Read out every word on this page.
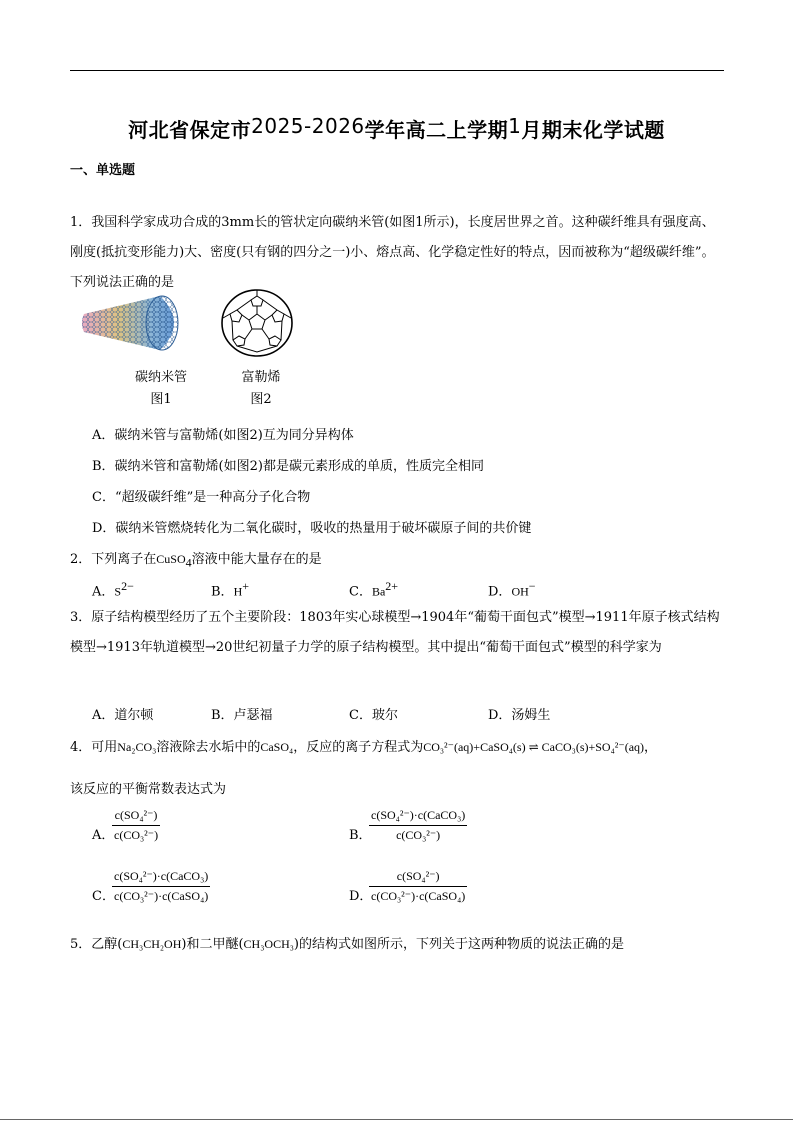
河北省保定市2025-2026学年高二上学期1月期末化学试题
一、单选题
1．我国科学家成功合成的3mm长的管状定向碳纳米管(如图1所示)，长度居世界之首。这种碳纤维具有强度高、刚度(抵抗变形能力)大、密度(只有钢的四分之一)小、熔点高、化学稳定性好的特点，因而被称为“超级碳纤维”。下列说法正确的是
碳纳米管
图1
富勒烯
图2
A．碳纳米管与富勒烯(如图2)互为同分异构体
B．碳纳米管和富勒烯(如图2)都是碳元素形成的单质，性质完全相同
C．“超级碳纤维”是一种高分子化合物
D．碳纳米管燃烧转化为二氧化碳时，吸收的热量用于破坏碳原子间的共价键
2．下列离子在CuSO$_4$溶液中能大量存在的是
A．$S^{2-}$	B．H+	C．$Ba^{2+}$	D．OH−
3．原子结构模型经历了五个主要阶段：1803年实心球模型→1904年“葡萄干面包式”模型→1911年原子核式结构模型→1913年轨道模型→20世纪初量子力学的原子结构模型。其中提出“葡萄干面包式”模型的科学家为
A．道尔顿	B．卢瑟福	C．玻尔	D．汤姆生
4．可用Na₂CO₃溶液除去水垢中的CaSO₄，反应的离子方程式为CO₃²⁻(aq)+CaSO₄(s) ⇌ CaCO₃(s)+SO₄²⁻(aq)，
该反应的平衡常数表达式为
A．
c(SO₄²⁻)
c(CO₃²⁻)	B．
c(SO₄²⁻)·c(CaCO₃)
c(CO₃²⁻)
C．
c(SO₄²⁻)·c(CaCO₃)
c(CO₃²⁻)·c(CaSO₄)	D．
c(SO₄²⁻)
c(CO₃²⁻)·c(CaSO₄)
5．乙醇(CH₃CH₂OH)和二甲醚(CH₃OCH₃)的结构式如图所示，下列关于这两种物质的说法正确的是
